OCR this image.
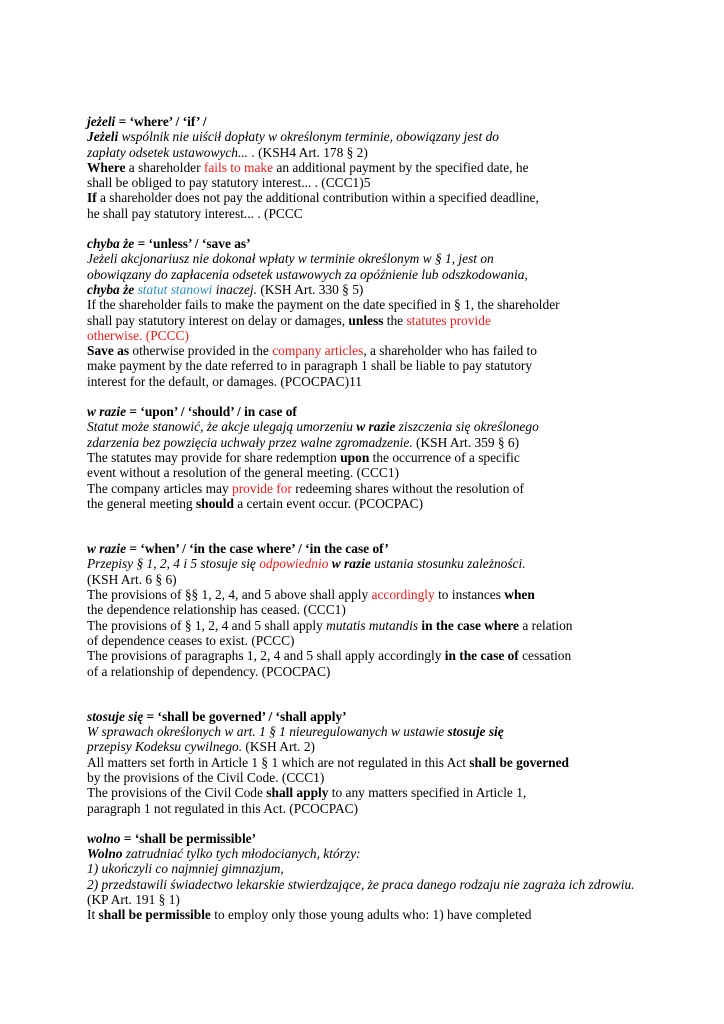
jeżeli = ‘where’ / ‘if’ /
Jeżeli wspólnik nie uiścił dopłaty w określonym terminie, obowiązany jest do
zapłaty odsetek ustawowych... . (KSH4 Art. 178 § 2)
Where a shareholder fails to make an additional payment by the specified date, he
shall be obliged to pay statutory interest... . (CCC1)5
If a shareholder does not pay the additional contribution within a specified deadline,
he shall pay statutory interest... . (PCCC
chyba że = ‘unless’ / ‘save as’
Jeżeli akcjonariusz nie dokonał wpłaty w terminie określonym w § 1, jest on
obowiązany do zapłacenia odsetek ustawowych za opóźnienie lub odszkodowania,
chyba że statut stanowi inaczej. (KSH Art. 330 § 5)
If the shareholder fails to make the payment on the date specified in § 1, the shareholder
shall pay statutory interest on delay or damages, unless the statutes provide
otherwise. (PCCC)
Save as otherwise provided in the company articles, a shareholder who has failed to
make payment by the date referred to in paragraph 1 shall be liable to pay statutory
interest for the default, or damages. (PCOCPAC)11
w razie = ‘upon’ / ‘should’ / in case of
Statut może stanowić, że akcje ulegają umorzeniu w razie ziszczenia się określonego
zdarzenia bez powzięcia uchwały przez walne zgromadzenie. (KSH Art. 359 § 6)
The statutes may provide for share redemption upon the occurrence of a specific
event without a resolution of the general meeting. (CCC1)
The company articles may provide for redeeming shares without the resolution of
the general meeting should a certain event occur. (PCOCPAC)
w razie = ‘when’ / ‘in the case where’ / ‘in the case of’
Przepisy § 1, 2, 4 i 5 stosuje się odpowiednio w razie ustania stosunku zależności.
(KSH Art. 6 § 6)
The provisions of §§ 1, 2, 4, and 5 above shall apply accordingly to instances when
the dependence relationship has ceased. (CCC1)
The provisions of § 1, 2, 4 and 5 shall apply mutatis mutandis in the case where a relation
of dependence ceases to exist. (PCCC)
The provisions of paragraphs 1, 2, 4 and 5 shall apply accordingly in the case of cessation
of a relationship of dependency. (PCOCPAC)
stosuje się = ‘shall be governed’ / ‘shall apply’
W sprawach określonych w art. 1 § 1 nieuregulowanych w ustawie stosuje się
przepisy Kodeksu cywilnego. (KSH Art. 2)
All matters set forth in Article 1 § 1 which are not regulated in this Act shall be governed
by the provisions of the Civil Code. (CCC1)
The provisions of the Civil Code shall apply to any matters specified in Article 1,
paragraph 1 not regulated in this Act. (PCOCPAC)
wolno = ‘shall be permissible’
Wolno zatrudniać tylko tych młodocianych, którzy:
1) ukończyli co najmniej gimnazjum,
2) przedstawili świadectwo lekarskie stwierdzające, że praca danego rodzaju nie zagraża ich zdrowiu.
(KP Art. 191 § 1)
It shall be permissible to employ only those young adults who: 1) have completed
